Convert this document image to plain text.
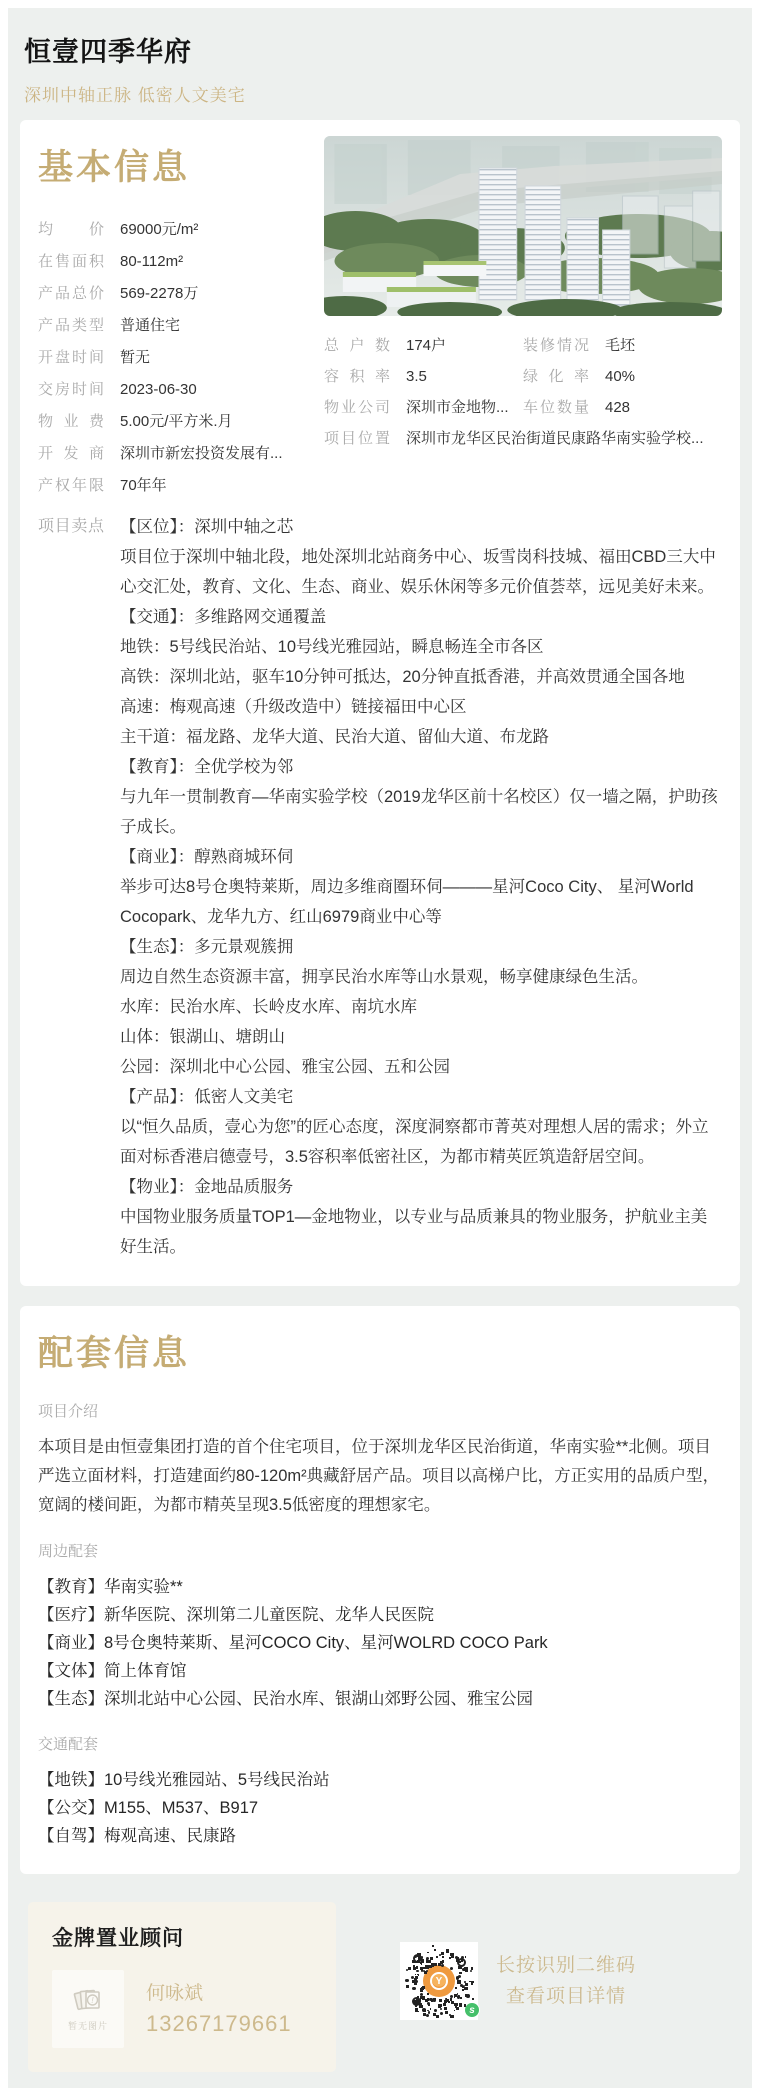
恒壹四季华府
深圳中轴正脉 低密人文美宅
基本信息
均价 69000元/m²
在售面积 80-112m²
产品总价 569-2278万
产品类型 普通住宅
开盘时间 暂无
交房时间 2023-06-30
物业费 5.00元/平方米.月
开发商 深圳市新宏投资发展有...
产权年限 70年年
总户数 174户	装修情况 毛坯
容积率 3.5	绿化率 40%
物业公司 深圳市金地物... 车位数量 428
项目位置 深圳市龙华区民治街道民康路华南实验学校...
项目卖点 【区位】：深圳中轴之芯
项目位于深圳中轴北段，地处深圳北站商务中心、坂雪岗科技城、福田CBD三大中心交汇处，教育、文化、生态、商业、娱乐休闲等多元价值荟萃，远见美好未来。
【交通】：多维路网交通覆盖
地铁：5号线民治站、10号线光雅园站，瞬息畅连全市各区
高铁：深圳北站，驱车10分钟可抵达，20分钟直抵香港，并高效贯通全国各地
高速：梅观高速（升级改造中）链接福田中心区
主干道：福龙路、龙华大道、民治大道、留仙大道、布龙路
【教育】：全优学校为邻
与九年一贯制教育—华南实验学校（2019龙华区前十名校区）仅一墙之隔，护助孩子成长。
【商业】：醇熟商城环伺
举步可达8号仓奥特莱斯，周边多维商圈环伺———星河Coco City、 星河World Cocopark、龙华九方、红山6979商业中心等
【生态】：多元景观簇拥
周边自然生态资源丰富，拥享民治水库等山水景观，畅享健康绿色生活。
水库：民治水库、长岭皮水库、南坑水库
山体：银湖山、塘朗山
公园：深圳北中心公园、雅宝公园、五和公园
【产品】：低密人文美宅
以“恒久品质，壹心为您”的匠心态度，深度洞察都市菁英对理想人居的需求；外立面对标香港启德壹号，3.5容积率低密社区，为都市精英匠筑造舒居空间。
【物业】：金地品质服务
中国物业服务质量TOP1—金地物业，以专业与品质兼具的物业服务，护航业主美好生活。
配套信息
项目介绍

本项目是由恒壹集团打造的首个住宅项目，位于深圳龙华区民治街道，华南实验**北侧。项目严选立面材料，打造建面约80-120m²典藏舒居产品。项目以高梯户比，方正实用的品质户型，宽阔的楼间距，为都市精英呈现3.5低密度的理想家宅。

周边配套
【教育】华南实验**
【医疗】新华医院、深圳第二儿童医院、龙华人民医院
【商业】8号仓奥特莱斯、星河COCO City、星河WOLRD COCO Park
【文体】简上体育馆
【生态】深圳北站中心公园、民治水库、银湖山郊野公园、雅宝公园
交通配套
【地铁】10号线光雅园站、5号线民治站
【公交】M155、M537、B917
【自驾】梅观高速、民康路
金牌置业顾问
!
暂无图片
何咏斌
13267179661
Y
s
长按识别二维码
查看项目详情
